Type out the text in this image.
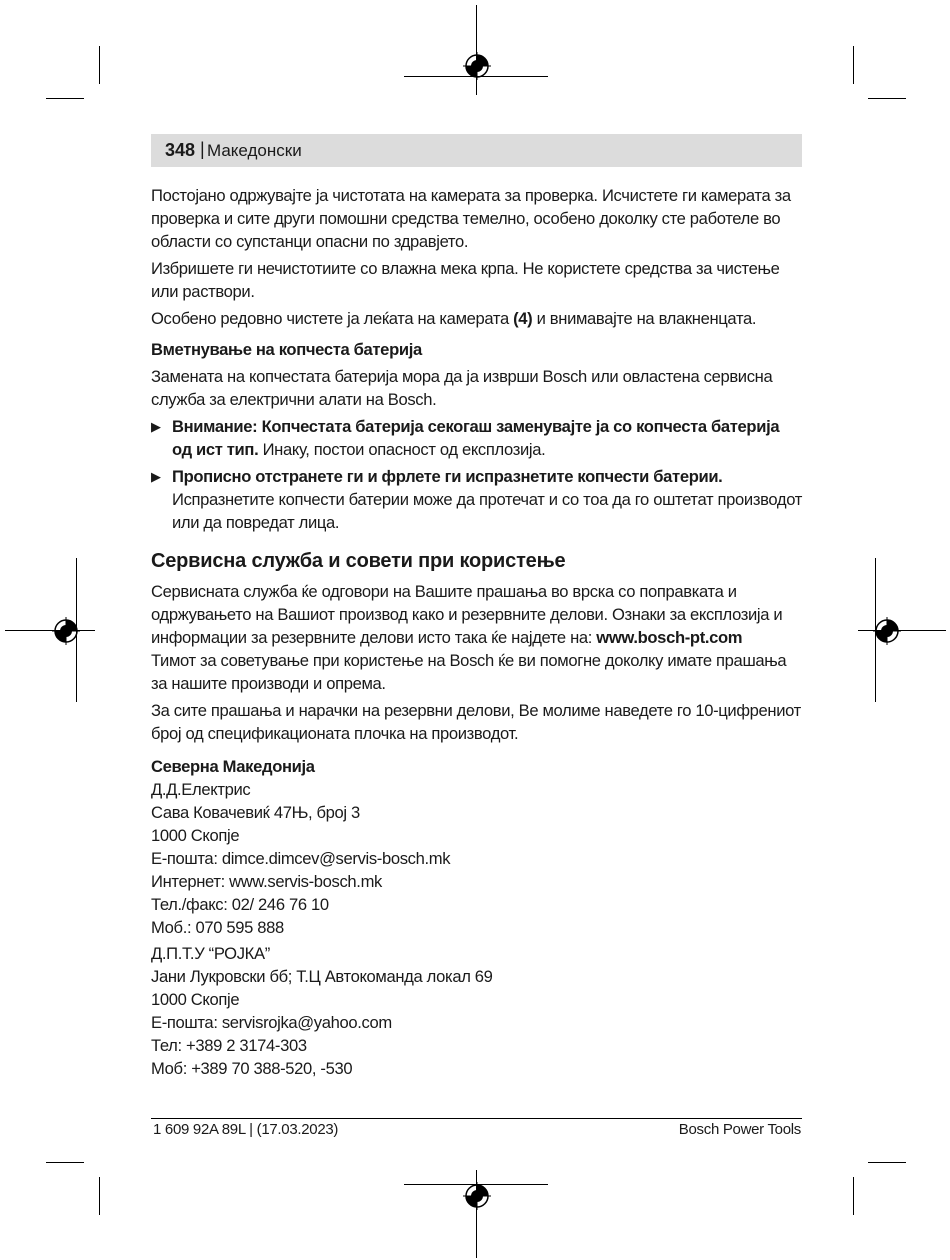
348 | Македонски

Постојано одржувајте ја чистотата на камерата за проверка. Исчистете ги камерата за проверка и сите други помошни средства темелно, особено доколку сте работеле во области со супстанци опасни по здравјето.

Избришете ги нечистотиите со влажна мека крпа. Не користете средства за чистење или раствори.

Особено редовно чистете ја леќата на камерата (4) и внимавајте на влакненцата.

Вметнување на копчеста батерија

Замената на копчестата батерија мора да ја изврши Bosch или овластена сервисна служба за електрични алати на Bosch.

▶ Внимание: Копчестата батерија секогаш заменувајте ја со копчеста батерија од ист тип. Инаку, постои опасност од експлозија.
▶ Прописно отстранете ги и фрлете ги испразнетите копчести батерии.
Испразнетите копчести батерии може да протечат и со тоа да го оштетат производот или да повредат лица.
Сервисна служба и совети при користење

Сервисната служба ќе одговори на Вашите прашања во врска со поправката и одржувањето на Вашиот производ како и резервните делови. Ознаки за експлозија и информации за резервните делови исто така ќе најдете на: www.bosch-pt.com
Тимот за советување при користење на Bosch ќе ви помогне доколку имате прашања за нашите производи и опрема.

За сите прашања и нарачки на резервни делови, Ве молиме наведете го 10-цифрениот број од спецификационата плочка на производот.

Северна Македонија
Д.Д.Електрис
Сава Ковачевиќ 47Њ, број 3
1000 Скопје
Е-пошта: dimce.dimcev@servis-bosch.mk
Интернет: www.servis-bosch.mk
Тел./факс: 02/ 246 76 10
Моб.: 070 595 888
Д.П.Т.У “РОЈКА”
Јани Лукровски бб; Т.Ц Автокоманда локал 69
1000 Скопје
Е-пошта: servisrojka@yahoo.com
Тел: +389 2 3174-303
Моб: +389 70 388-520, -530
1 609 92A 89L | (17.03.2023)	Bosch Power Tools
